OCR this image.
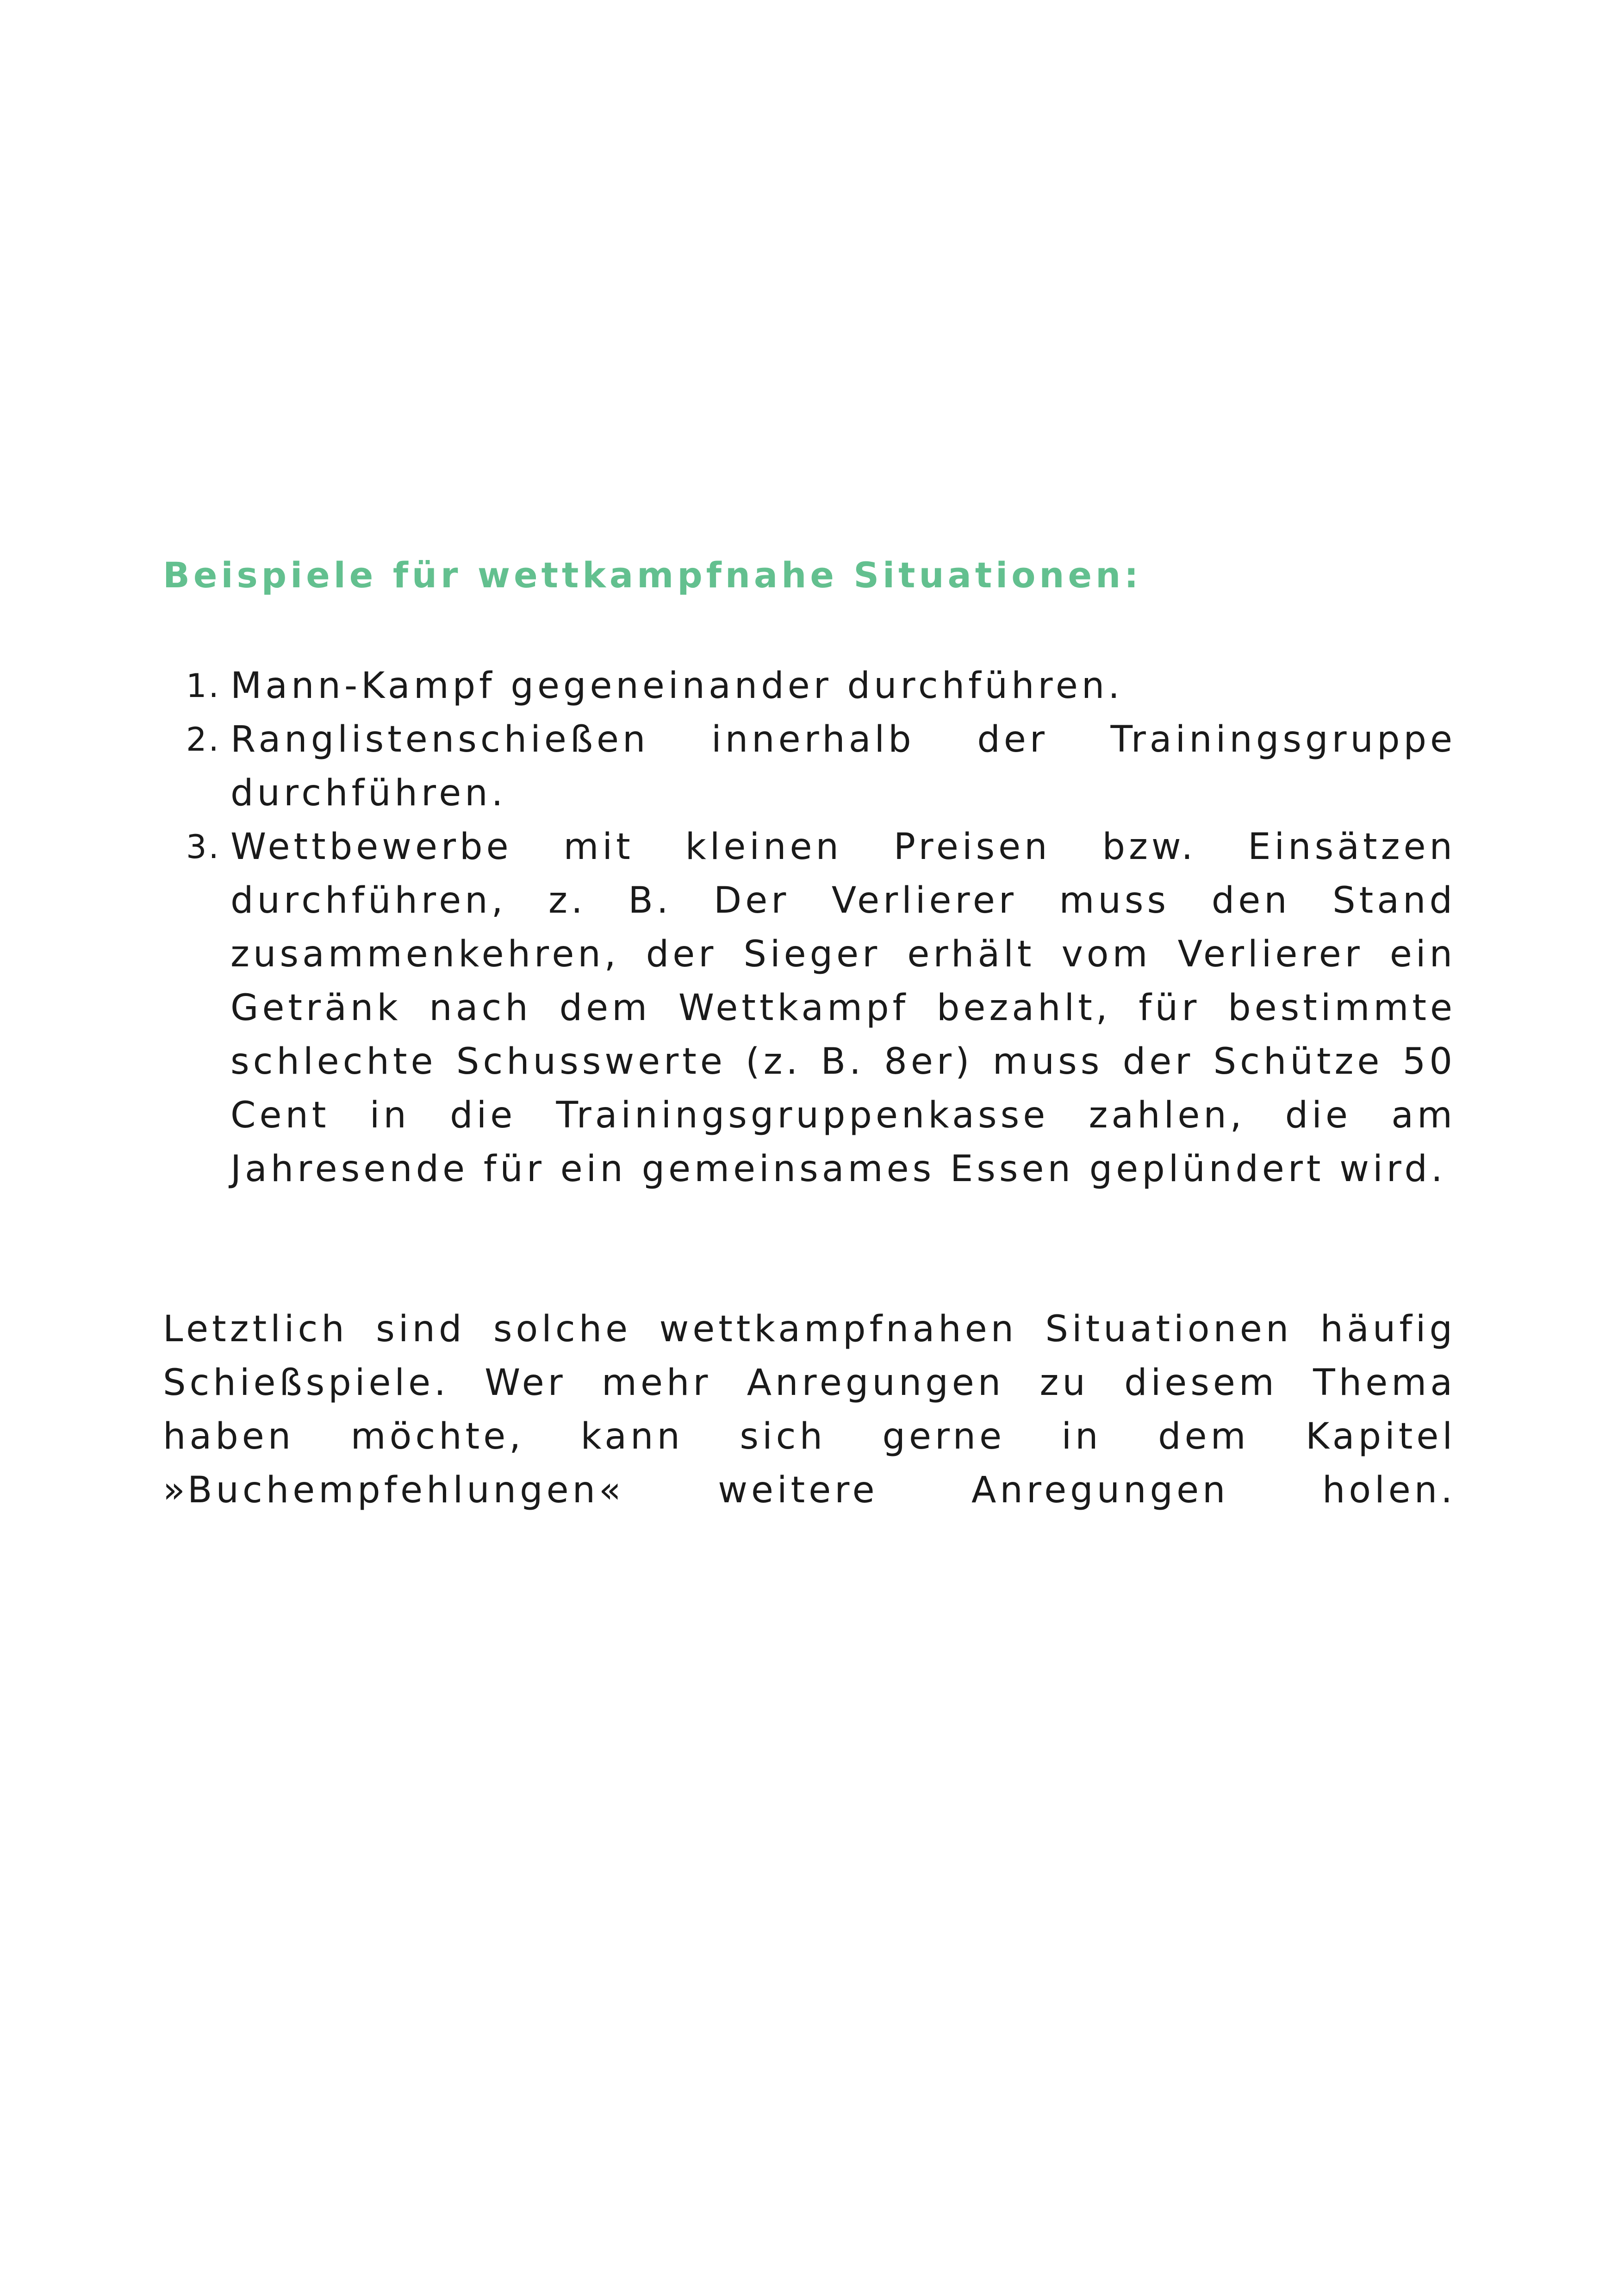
Beispiele für wettkampfnahe Situationen:
1. Mann-Kampf gegeneinander durchführen.
2. Ranglistenschießen innerhalb der Trainingsgruppe durchführen.
3. Wettbewerbe mit kleinen Preisen bzw. Einsätzen durchführen, z. B. Der Verlierer muss den Stand zusammenkehren, der Sieger erhält vom Verlierer ein Getränk nach dem Wettkampf bezahlt, für bestimmte schlechte Schusswerte (z. B. 8er) muss der Schütze 50 Cent in die Trainingsgruppenkasse zahlen, die am Jahresende für ein gemeinsames Essen geplündert wird.

Letztlich sind solche wettkampfnahen Situationen häufig Schießspiele. Wer mehr Anregungen zu diesem Thema haben möchte, kann sich gerne in dem Kapitel »Buchempfehlungen« weitere Anregungen holen.
